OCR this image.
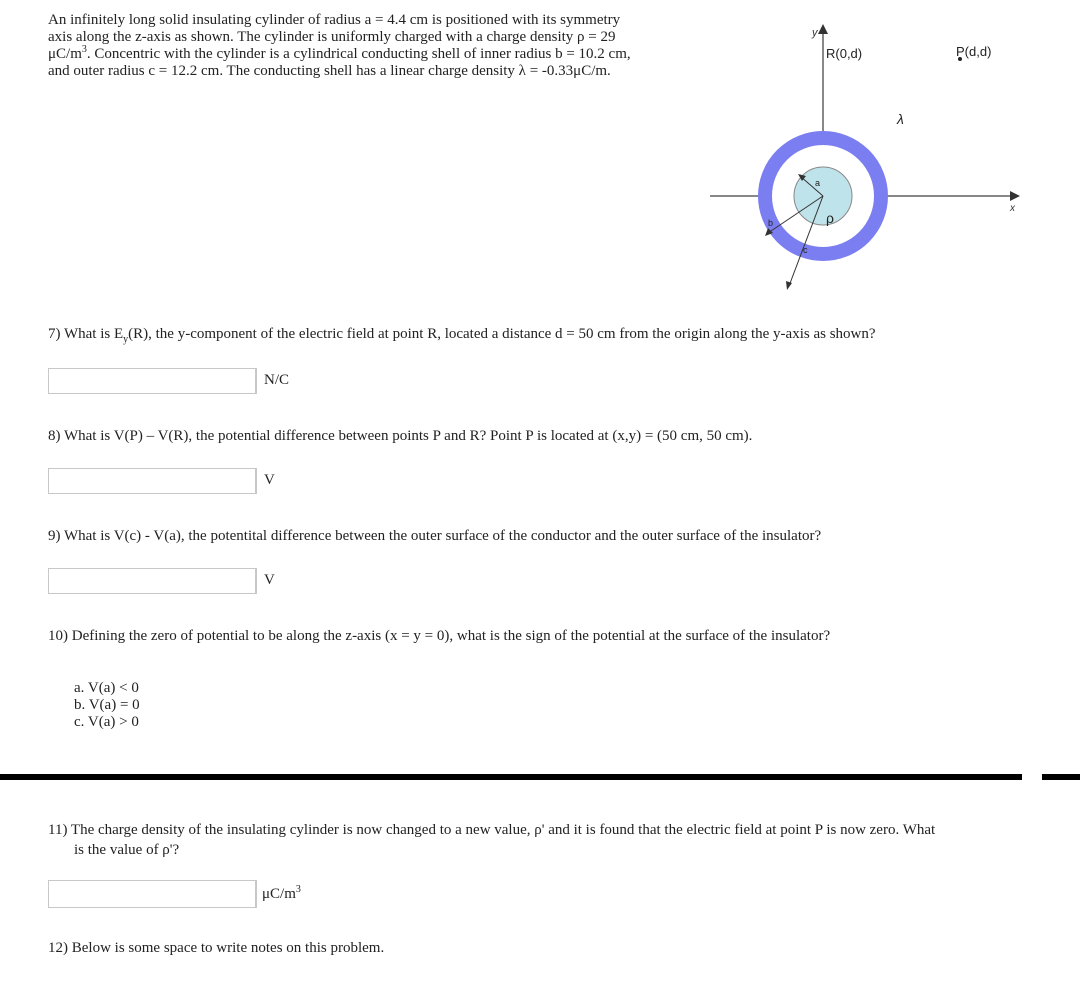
An infinitely long solid insulating cylinder of radius a = 4.4 cm is positioned with its symmetry
axis along the z-axis as shown. The cylinder is uniformly charged with a charge density ρ = 29
$\mu C/m^3$. Concentric with the cylinder is a cylindrical conducting shell of inner radius b = 10.2 cm,
and outer radius c = 12.2 cm. The conducting shell has a linear charge density λ = -0.33μC/m.
y
R(0,d)	P(d,d)
λ
a
b
c
ρ
x
7) What is $E_y(R)$, the y-component of the electric field at point R, located a distance d = 50 cm from the origin along the y-axis as shown?
N/C
8) What is V(P) – V(R), the potential difference between points P and R? Point P is located at (x,y) = (50 cm, 50 cm).
V
9) What is V(c) - V(a), the potentital difference between the outer surface of the conductor and the outer surface of the insulator?
V
10) Defining the zero of potential to be along the z-axis (x = y = 0), what is the sign of the potential at the surface of the insulator?
a. V(a) < 0
b. V(a) = 0
c. V(a) > 0
11) The charge density of the insulating cylinder is now changed to a new value, ρ' and it is found that the electric field at point P is now zero. What
is the value of ρ'?
$\mu C/m^3$
12) Below is some space to write notes on this problem.
